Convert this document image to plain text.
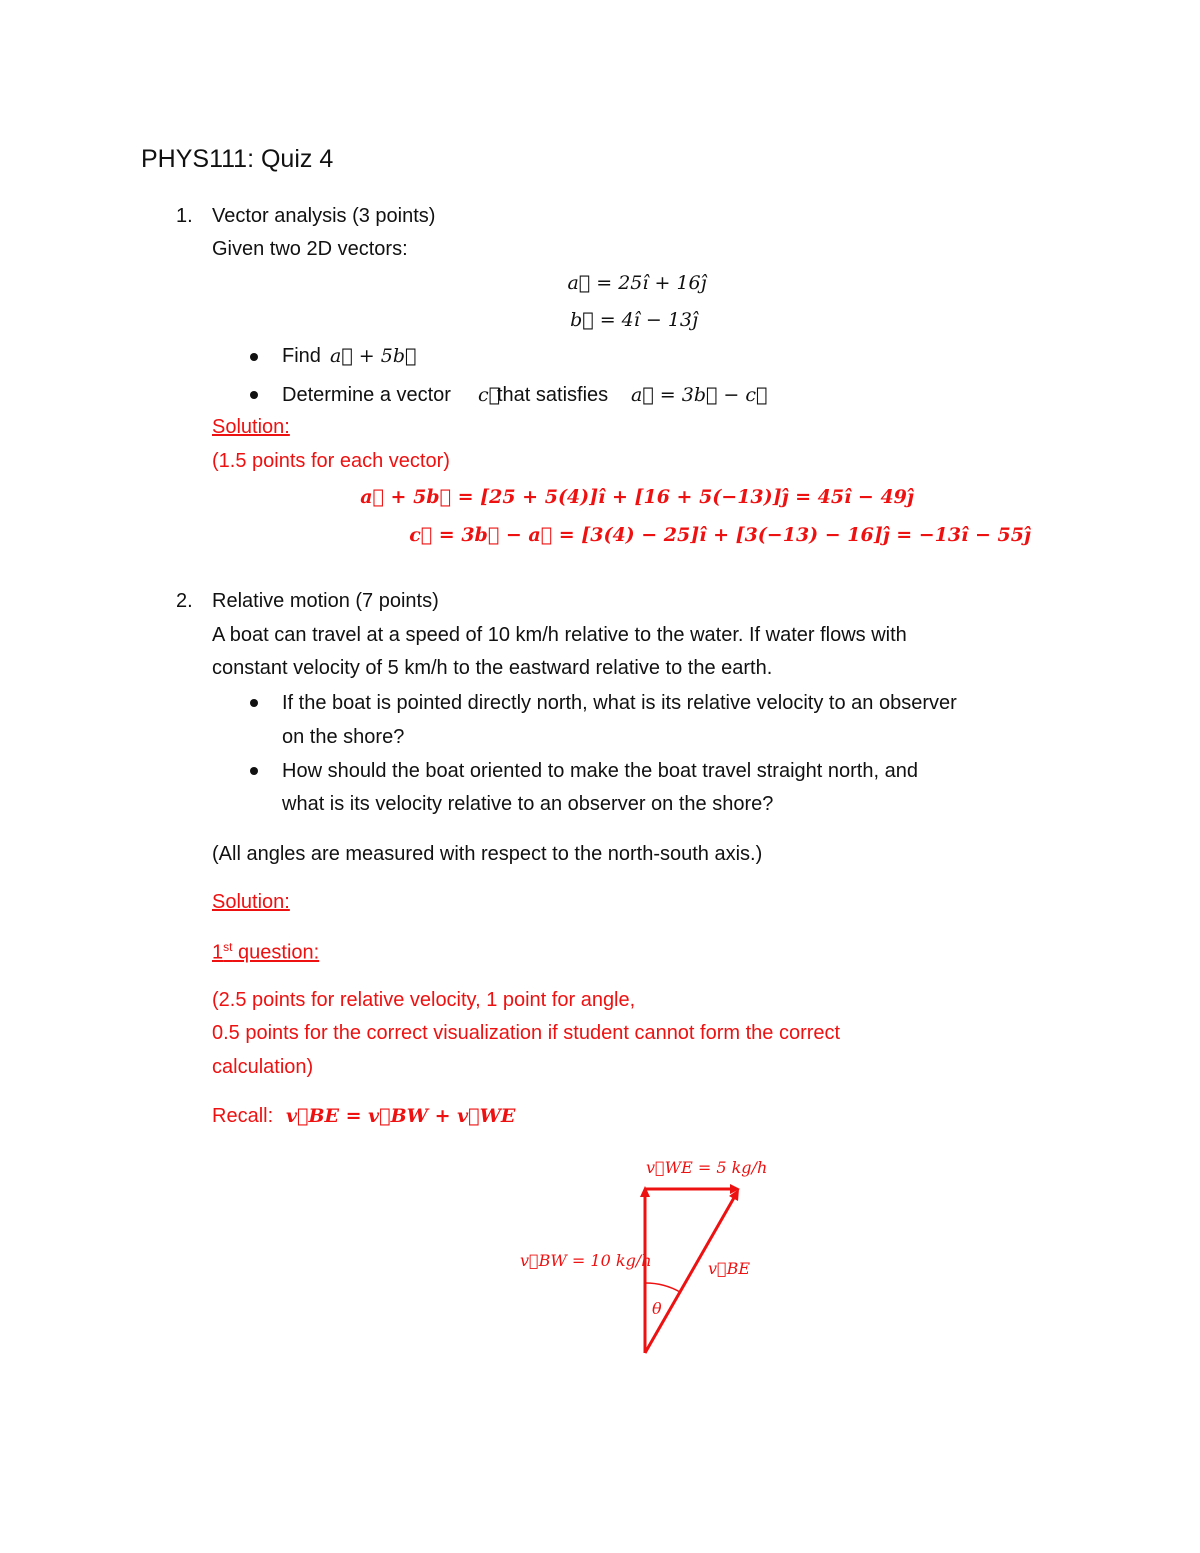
PHYS111: Quiz 4
1. Vector analysis (3 points)
Given two 2D vectors:
a⃗ = 25î + 16ĵ
b⃗ = 4î − 13ĵ
Find a⃗ + 5b⃗
Determine a vector c⃗
that satisfies a⃗ = 3b⃗ − c⃗
Solution:
(1.5 points for each vector)
a⃗ + 5b⃗ = [25 + 5(4)]î + [16 + 5(−13)]ĵ = 45î − 49ĵ
c⃗ = 3b⃗ − a⃗ = [3(4) − 25]î + [3(−13) − 16]ĵ = −13î − 55ĵ
2. Relative motion (7 points)
A boat can travel at a speed of 10 km/h relative to the water. If water flows with
constant velocity of 5 km/h to the eastward relative to the earth.
If the boat is pointed directly north, what is its relative velocity to an observer
on the shore?
How should the boat oriented to make the boat travel straight north, and
what is its velocity relative to an observer on the shore?
(All angles are measured with respect to the north-south axis.)
Solution:
1st question:
(2.5 points for relative velocity, 1 point for angle,
0.5 points for the correct visualization if student cannot form the correct
calculation)
Recall: v⃗BE = v⃗BW + v⃗WE
v⃗WE = 5 kg/h
v⃗BW = 10 kg/h	v⃗BE
θ
